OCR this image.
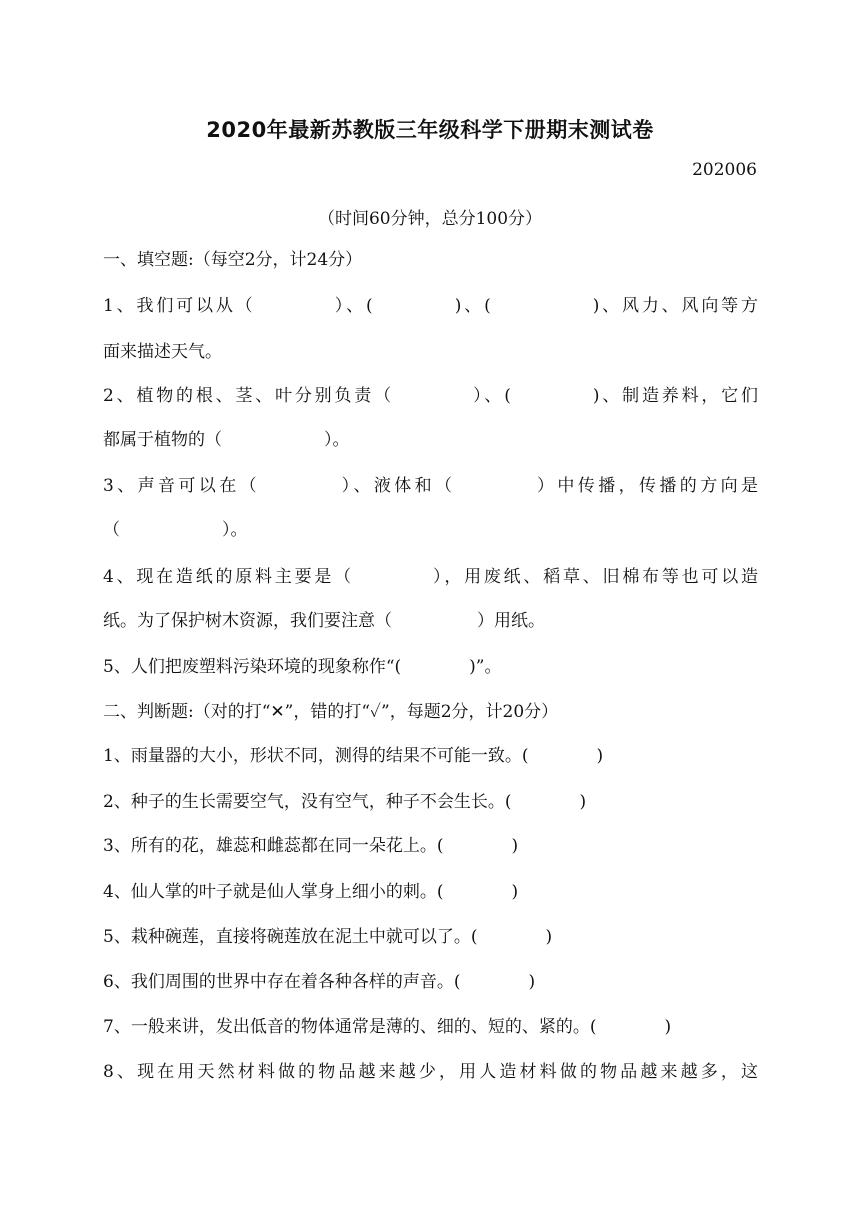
2020年最新苏教版三年级科学下册期末测试卷
202006
（时间60分钟，总分100分）
一、填空题:（每空2分，计24分）
1、我们可以从（　　　　）、(　　　　)、(　　　　　)、风力、风向等方
面来描述天气。
2、植物的根、茎、叶分别负责（　　　　）、(　　　　)、制造养料，它们
都属于植物的（　　　　　　）。
3、声音可以在（　　　　）、液体和（　　　　）中传播，传播的方向是
（　　　　　　）。
4、现在造纸的原料主要是（　　　　），用废纸、稻草、旧棉布等也可以造
纸。为了保护树木资源，我们要注意（　　　　　）用纸。
5、人们把废塑料污染环境的现象称作“(　　　　)”。
二、判断题:（对的打“✕”，错的打“✓”，每题2分，计20分）
1、雨量器的大小，形状不同，测得的结果不可能一致。(　　　　)
2、种子的生长需要空气，没有空气，种子不会生长。(　　　　)
3、所有的花，雄蕊和雌蕊都在同一朵花上。(　　　　)
4、仙人掌的叶子就是仙人掌身上细小的刺。(　　　　)
5、栽种碗莲，直接将碗莲放在泥土中就可以了。(　　　　)
6、我们周围的世界中存在着各种各样的声音。(　　　　)
7、一般来讲，发出低音的物体通常是薄的、细的、短的、紧的。(　　　　)
8、现在用天然材料做的物品越来越少，用人造材料做的物品越来越多，这
